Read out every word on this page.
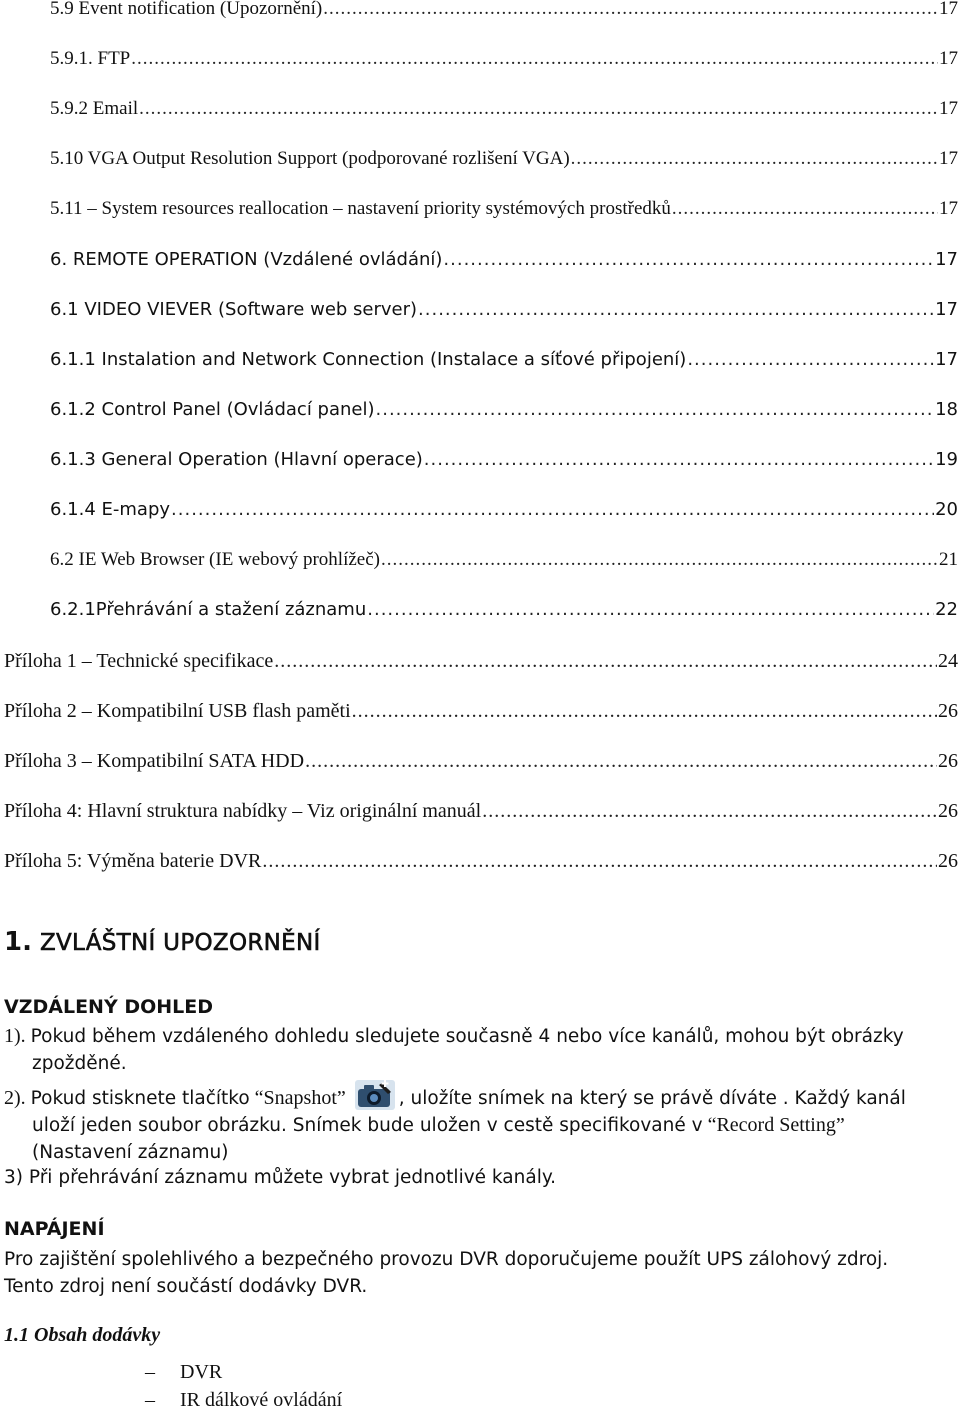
5.9 Event notification (Upozornění) .....	17
5.9.1. FTP .....	17
5.9.2 Email .....	17
5.10 VGA Output Resolution Support (podporované rozlišení VGA) .....	17
5.11 – System resources reallocation – nastavení priority systémových prostředků .....	17
6. REMOTE OPERATION (Vzdálené ovládání) .....	17
6.1 VIDEO VIEVER (Software web server) .....	17
6.1.1 Instalation and Network Connection (Instalace a síťové připojení) .....	17
6.1.2 Control Panel (Ovládací panel) .....	18
6.1.3 General Operation (Hlavní operace) .....	19
6.1.4 E-mapy .....	20
6.2 IE Web Browser (IE webový prohlížeč) .....	21
6.2.1Přehrávání a stažení záznamu .....	22
Příloha 1 – Technické specifikace .....	24
Příloha 2 – Kompatibilní USB flash paměti .....	26
Příloha 3 – Kompatibilní SATA HDD .....	26
Příloha 4: Hlavní struktura nabídky – Viz originální manuál .....	26
Příloha 5: Výměna baterie DVR .....	26
1. ZVLÁŠTNÍ UPOZORNĚNÍ
VZDÁLENÝ DOHLED
1). Pokud během vzdáleného dohledu sledujete současně 4 nebo více kanálů, mohou být obrázky
zpožděné.
2). Pokud stisknete tlačítko “Snapshot”	, uložíte snímek na který se právě díváte . Každý kanál
uloží jeden soubor obrázku. Snímek bude uložen v cestě specifikované v “Record Setting”
(Nastavení záznamu)
3) Při přehrávání záznamu můžete vybrat jednotlivé kanály.
NAPÁJENÍ
Pro zajištění spolehlivého a bezpečného provozu DVR doporučujeme použít UPS zálohový zdroj.
Tento zdroj není součástí dodávky DVR.
1.1 Obsah dodávky
– DVR
– IR dálkové ovládání
